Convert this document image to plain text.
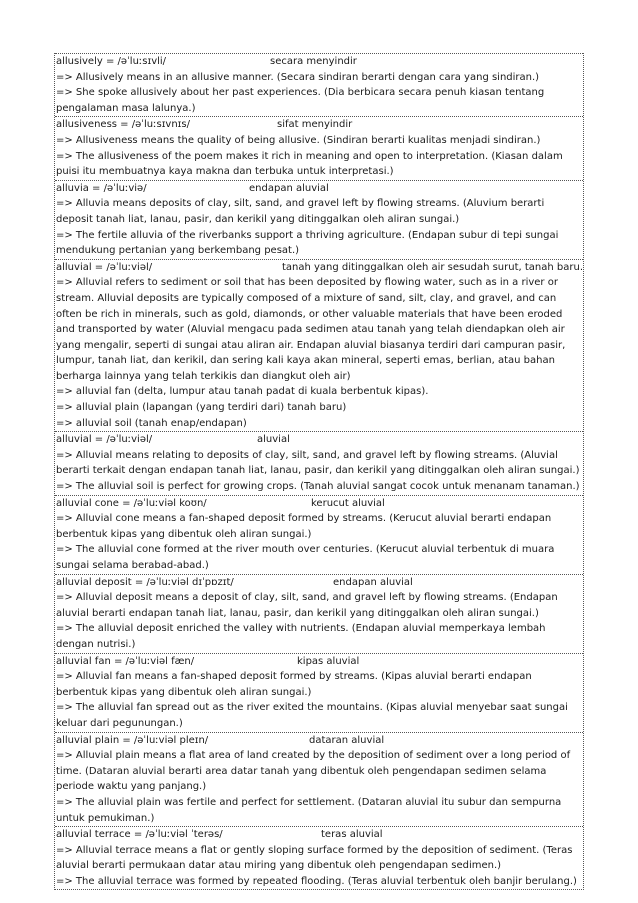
allusively = /əˈluːsɪvli/	secara menyindir

=> Allusively means in an allusive manner. (Secara sindiran berarti dengan cara yang sindiran.)

=> She spoke allusively about her past experiences. (Dia berbicara secara penuh kiasan tentang pengalaman masa lalunya.)

allusiveness = /əˈluːsɪvnɪs/	sifat menyindir

=> Allusiveness means the quality of being allusive. (Sindiran berarti kualitas menjadi sindiran.)

=> The allusiveness of the poem makes it rich in meaning and open to interpretation. (Kiasan dalam puisi itu membuatnya kaya makna dan terbuka untuk interpretasi.)

alluvia = /əˈluːviə/	endapan aluvial

=> Alluvia means deposits of clay, silt, sand, and gravel left by flowing streams. (Aluvium berarti deposit tanah liat, lanau, pasir, dan kerikil yang ditinggalkan oleh aliran sungai.)

=> The fertile alluvia of the riverbanks support a thriving agriculture. (Endapan subur di tepi sungai mendukung pertanian yang berkembang pesat.)

alluvial = /əˈluːviəl/	tanah yang ditinggalkan oleh air sesudah surut, tanah baru.

=> Alluvial refers to sediment or soil that has been deposited by flowing water, such as in a river or stream. Alluvial deposits are typically composed of a mixture of sand, silt, clay, and gravel, and can often be rich in minerals, such as gold, diamonds, or other valuable materials that have been eroded and transported by water (Aluvial mengacu pada sedimen atau tanah yang telah diendapkan oleh air yang mengalir, seperti di sungai atau aliran air. Endapan aluvial biasanya terdiri dari campuran pasir, lumpur, tanah liat, dan kerikil, dan sering kali kaya akan mineral, seperti emas, berlian, atau bahan berharga lainnya yang telah terkikis dan diangkut oleh air)

=> alluvial fan (delta, lumpur atau tanah padat di kuala berbentuk kipas).

=> alluvial plain (lapangan (yang terdiri dari) tanah baru)

=> alluvial soil (tanah enap/endapan)

alluvial = /əˈluːviəl/	aluvial

=> Alluvial means relating to deposits of clay, silt, sand, and gravel left by flowing streams. (Aluvial berarti terkait dengan endapan tanah liat, lanau, pasir, dan kerikil yang ditinggalkan oleh aliran sungai.)

=> The alluvial soil is perfect for growing crops. (Tanah aluvial sangat cocok untuk menanam tanaman.)

alluvial cone = /əˈluːviəl koʊn/	kerucut aluvial

=> Alluvial cone means a fan-shaped deposit formed by streams. (Kerucut aluvial berarti endapan berbentuk kipas yang dibentuk oleh aliran sungai.)

=> The alluvial cone formed at the river mouth over centuries. (Kerucut aluvial terbentuk di muara sungai selama berabad-abad.)

alluvial deposit = /əˈluːviəl dɪˈpɒzɪt/	endapan aluvial

=> Alluvial deposit means a deposit of clay, silt, sand, and gravel left by flowing streams. (Endapan aluvial berarti endapan tanah liat, lanau, pasir, dan kerikil yang ditinggalkan oleh aliran sungai.)

=> The alluvial deposit enriched the valley with nutrients. (Endapan aluvial memperkaya lembah dengan nutrisi.)

alluvial fan = /əˈluːviəl fæn/	kipas aluvial

=> Alluvial fan means a fan-shaped deposit formed by streams. (Kipas aluvial berarti endapan berbentuk kipas yang dibentuk oleh aliran sungai.)

=> The alluvial fan spread out as the river exited the mountains. (Kipas aluvial menyebar saat sungai keluar dari pegunungan.)

alluvial plain = /əˈluːviəl pleɪn/	dataran aluvial

=> Alluvial plain means a flat area of land created by the deposition of sediment over a long period of time. (Dataran aluvial berarti area datar tanah yang dibentuk oleh pengendapan sedimen selama periode waktu yang panjang.)

=> The alluvial plain was fertile and perfect for settlement. (Dataran aluvial itu subur dan sempurna untuk pemukiman.)

alluvial terrace = /əˈluːviəl ˈterəs/	teras aluvial

=> Alluvial terrace means a flat or gently sloping surface formed by the deposition of sediment. (Teras aluvial berarti permukaan datar atau miring yang dibentuk oleh pengendapan sedimen.)

=> The alluvial terrace was formed by repeated flooding. (Teras aluvial terbentuk oleh banjir berulang.)
